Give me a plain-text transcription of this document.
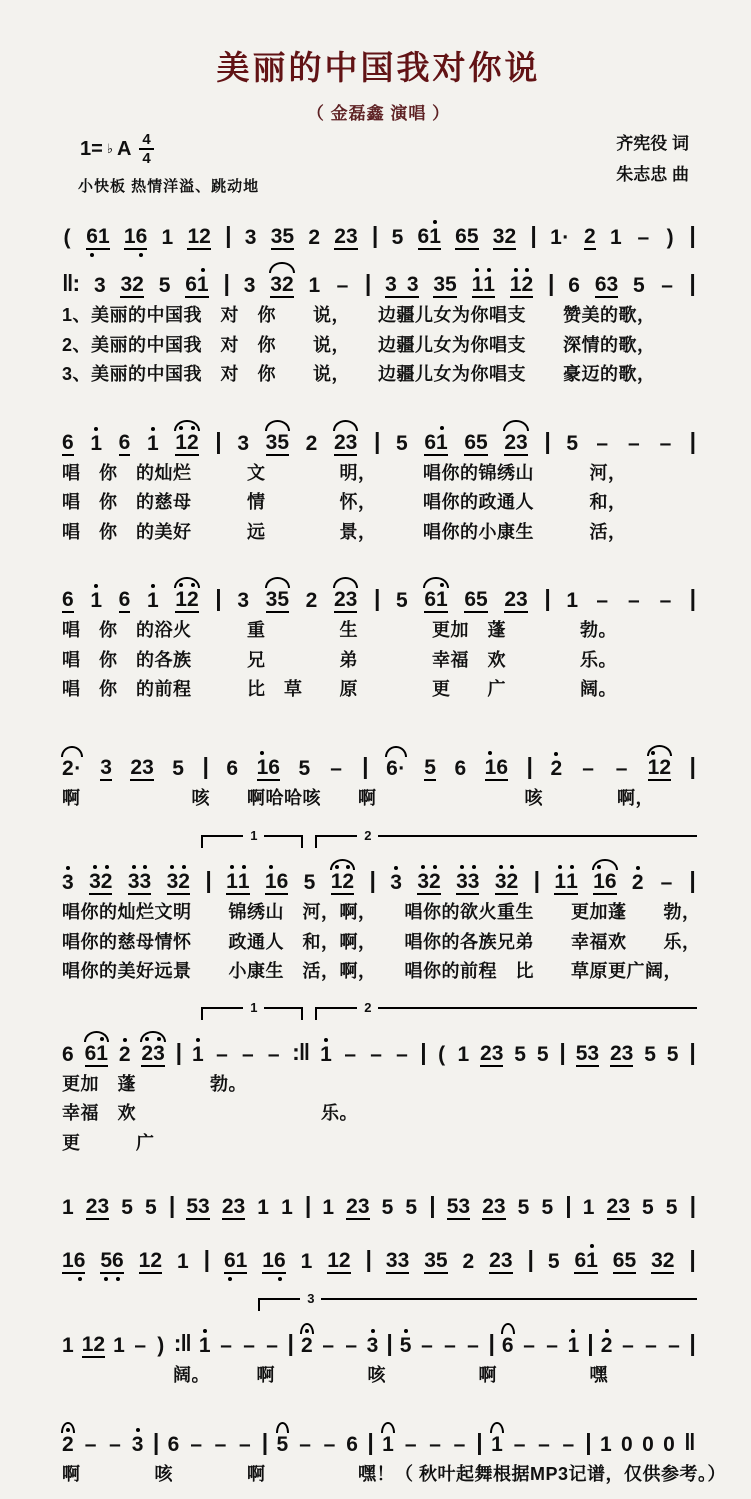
美丽的中国我对你说
（ 金磊鑫 演唱 ）
1= ♭ A $\frac{4}{4}$
小快板 热情洋溢、跳动地
齐宪役 词
朱志忠 曲
( 6 1 1 6 1 1 2 | 3 3 5 2 2 3 | 5 6 1 6 5 3 2 | 1 · 2 1 – ) |
‖: 3 3 2 5 6 1 | 3 3 2 1 – | 3
3 3 5 1 1 1 2 | 6 6 3 5 – |
1、美丽的中国我　对　你　　说，　　边疆儿女为你唱支　　赞美的歌，
2、美丽的中国我　对　你　　说，　　边疆儿女为你唱支　　深情的歌，
3、美丽的中国我　对　你　　说，　　边疆儿女为你唱支　　豪迈的歌，
6 1 6 1 1 2 | 3 3 5 2 2 3 | 5 6 1 6 5 2 3 | 5 – – – |
唱　你　的灿烂　　　文　　　　明，　　　唱你的锦绣山　　　河，
唱　你　的慈母　　　情　　　　怀，　　　唱你的政通人　　　和，
唱　你　的美好　　　远　　　　景，　　　唱你的小康生　　　活，
6 1 6 1 1 2 | 3 3 5 2 2 3 | 5 6 1 6 5 2 3 | 1 – – – |
唱　你　的浴火　　　重　　　　生　　　　更加　蓬　　　　勃。
唱　你　的各族　　　兄　　　　弟　　　　幸福　欢　　　　乐。
唱　你　的前程　　　比　草　　原　　　　更　　广　　　　阔。
2 · 3 2 3 5 | 6 1 6 5 – | 6 · 5 6 1 6 | 2 – – 1 2 |
啊　　　　　　咳　　啊哈哈咳　　啊　　　　　　　　咳　　　　啊，
1	2
3 3 2 3 3 3 2 | 1 1 1 6 5 1 2 | 3 3 2 3 3 3 2 | 1 1 1 6 2 – |
唱你的灿烂文明　　锦绣山　河，啊，　　唱你的欲火重生　　更加蓬　　勃，
唱你的慈母情怀　　政通人　和，啊，　　唱你的各族兄弟　　幸福欢　　乐，
唱你的美好远景　　小康生　活，啊，　　唱你的前程　比　　草原更广阔，
1	2
6 6 1 2 2 3 | 1 – – – :‖ 1 – – – | ( 1 2 3 5 5 | 5 3 2 3 5 5 |
更加　蓬　　　　勃。
幸福　欢　　　　　　　　　　乐。
更　　　广
1 2 3 5 5 | 5 3 2 3 1 1 | 1 2 3 5 5 | 5 3 2 3 5 5 | 1 2 3 5 5 |
1 6 5 6 1 2 1 | 6 1 1 6 1 1 2 | 3 3 3 5 2 2 3 | 5 6 1 6 5 3 2 |
3
1 1 2 1 – ) :‖ 1 – – – | 2 – – 3 | 5 – – – | 6 – – 1 | 2 – – – |
　　　　　　阔。　　　啊　　　　　咳　　　　　啊　　　　　嘿
2 – – 3 | 6 – – – | 5 – – 6 | 1 – – – | 1 – – – | 1 0 0 0 ‖
啊　　　　咳　　　　啊　　　　　嘿！（ 秋叶起舞根据MP3记谱，仅供参考。）
